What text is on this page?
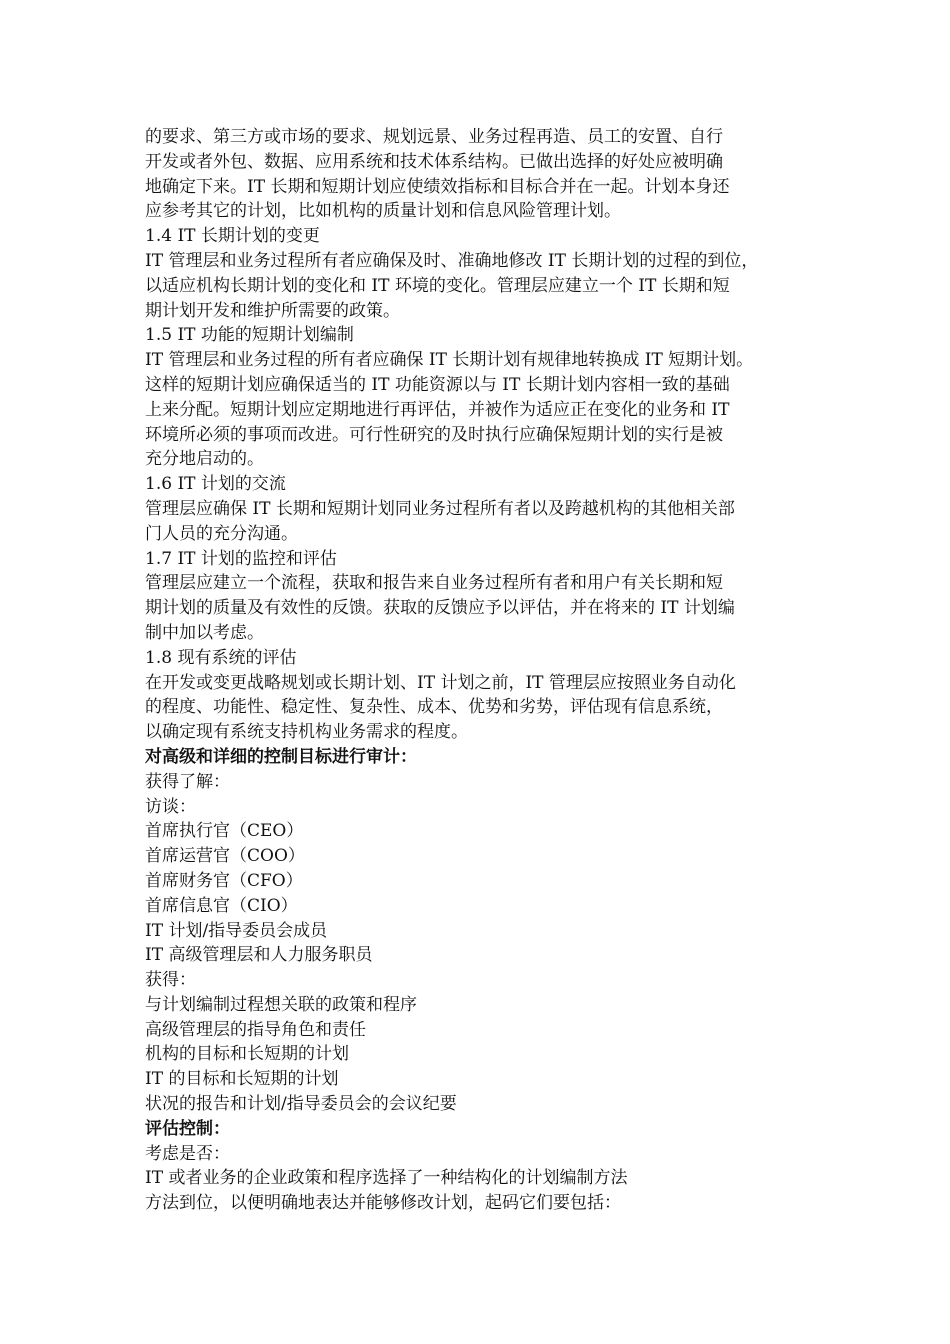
的要求、第三方或市场的要求、规划远景、业务过程再造、员工的安置、自行
开发或者外包、数据、应用系统和技术体系结构。已做出选择的好处应被明确
地确定下来。IT 长期和短期计划应使绩效指标和目标合并在一起。计划本身还
应参考其它的计划，比如机构的质量计划和信息风险管理计划。
1.4 IT 长期计划的变更
IT 管理层和业务过程所有者应确保及时、准确地修改 IT 长期计划的过程的到位，
以适应机构长期计划的变化和 IT 环境的变化。管理层应建立一个 IT 长期和短
期计划开发和维护所需要的政策。
1.5 IT 功能的短期计划编制
IT 管理层和业务过程的所有者应确保 IT 长期计划有规律地转换成 IT 短期计划。
这样的短期计划应确保适当的 IT 功能资源以与 IT 长期计划内容相一致的基础
上来分配。短期计划应定期地进行再评估，并被作为适应正在变化的业务和 IT
环境所必须的事项而改进。可行性研究的及时执行应确保短期计划的实行是被
充分地启动的。
1.6 IT 计划的交流
管理层应确保 IT 长期和短期计划同业务过程所有者以及跨越机构的其他相关部
门人员的充分沟通。
1.7 IT 计划的监控和评估
管理层应建立一个流程，获取和报告来自业务过程所有者和用户有关长期和短
期计划的质量及有效性的反馈。获取的反馈应予以评估，并在将来的 IT 计划编
制中加以考虑。
1.8 现有系统的评估
在开发或变更战略规划或长期计划、IT 计划之前，IT 管理层应按照业务自动化
的程度、功能性、稳定性、复杂性、成本、优势和劣势，评估现有信息系统，
以确定现有系统支持机构业务需求的程度。
对高级和详细的控制目标进行审计：
获得了解：
访谈：
首席执行官（CEO）
首席运营官（COO）
首席财务官（CFO）
首席信息官（CIO）
IT 计划/指导委员会成员
IT 高级管理层和人力服务职员
获得：
与计划编制过程想关联的政策和程序
高级管理层的指导角色和责任
机构的目标和长短期的计划
IT 的目标和长短期的计划
状况的报告和计划/指导委员会的会议纪要
评估控制：
考虑是否：
IT 或者业务的企业政策和程序选择了一种结构化的计划编制方法
方法到位，以便明确地表达并能够修改计划，起码它们要包括：
